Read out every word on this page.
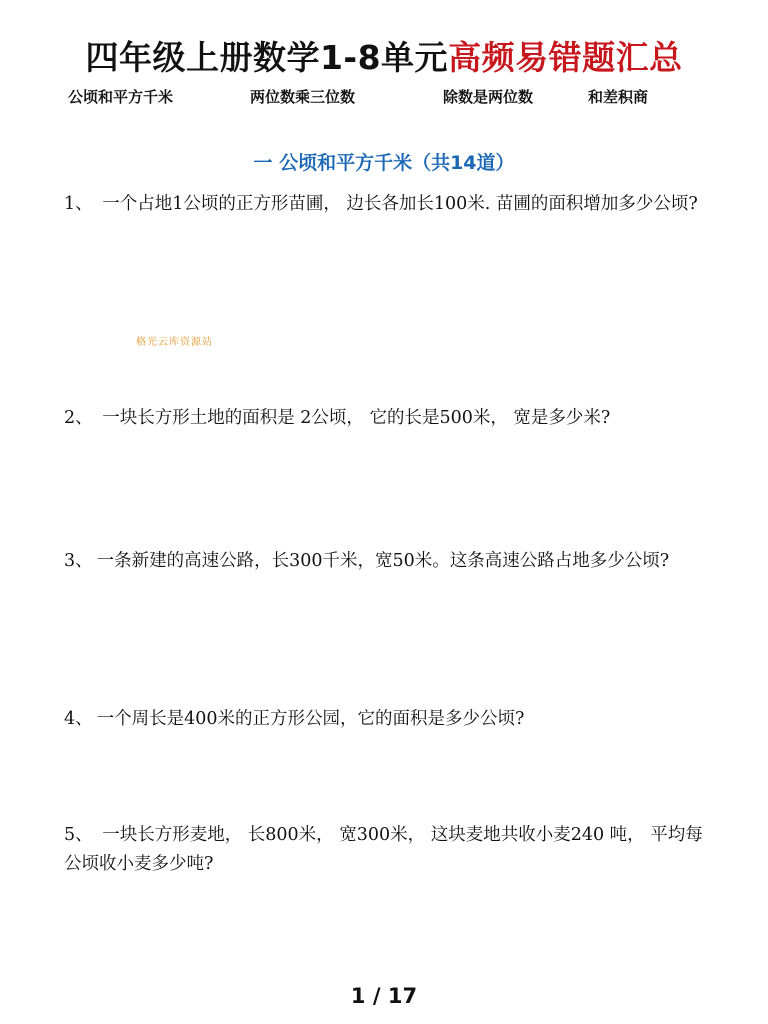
四年级上册数学1-8单元高频易错题汇总
公顷和平方千米	两位数乘三位数	除数是两位数	和差积商
一 公顷和平方千米（共14道）
1、 一个占地1公顷的正方形苗圃， 边长各加长100米. 苗圃的面积增加多少公顷?
格光云库资源站
2、 一块长方形土地的面积是 2公顷， 它的长是500米， 宽是多少米?
3、 一条新建的高速公路，长300千米，宽50米。这条高速公路占地多少公顷?
4、 一个周长是400米的正方形公园，它的面积是多少公顷?
5、 一块长方形麦地， 长800米， 宽300米， 这块麦地共收小麦240 吨， 平均每公顷收小麦多少吨?
1 / 17
